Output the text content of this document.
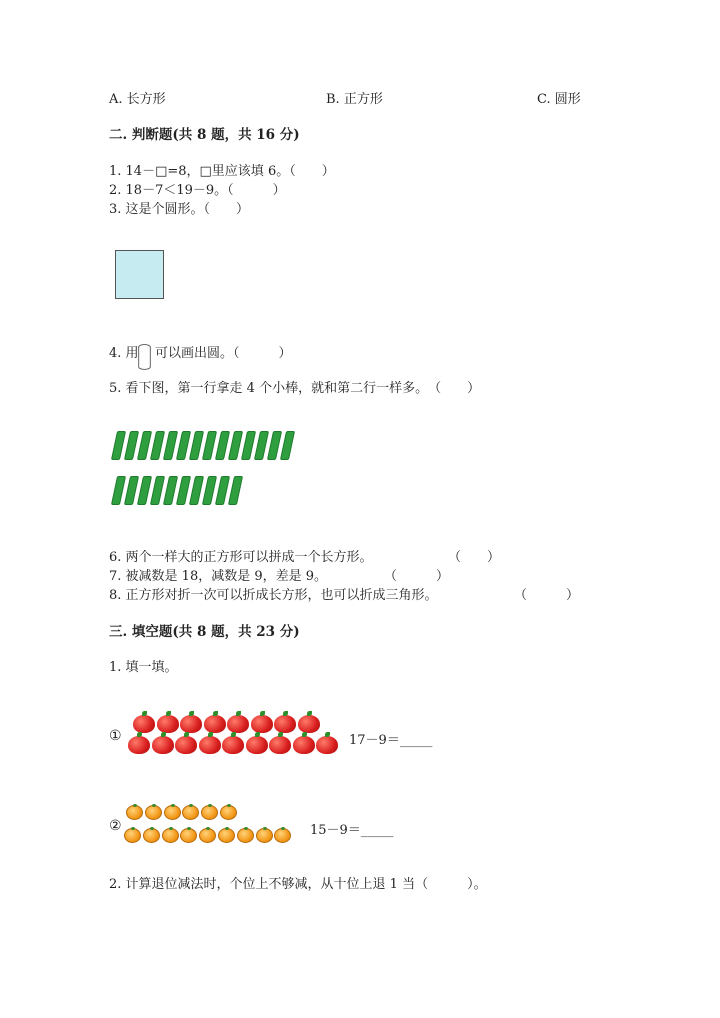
A. 长方形	B. 正方形	C. 圆形
二. 判断题(共 8 题，共 16 分)
1. 14－□=8，□里应该填 6。（　　）
2. 18－7＜19－9。（　　　）
3. 这是个圆形。（　　）
4. 用 可以画出圆。（　　　）
5. 看下图，第一行拿走 4 个小棒，就和第二行一样多。　（　　）
6. 两个一样大的正方形可以拼成一个长方形。	（　　）
7. 被减数是 18，减数是 9，差是 9。	（　　　）
8. 正方形对折一次可以折成长方形，也可以折成三角形。	（　　　）
三. 填空题(共 8 题，共 23 分)
1. 填一填。
①	17－9＝_____
②	15－9＝_____
2. 计算退位减法时，个位上不够减，从十位上退 1 当（　　　）。
